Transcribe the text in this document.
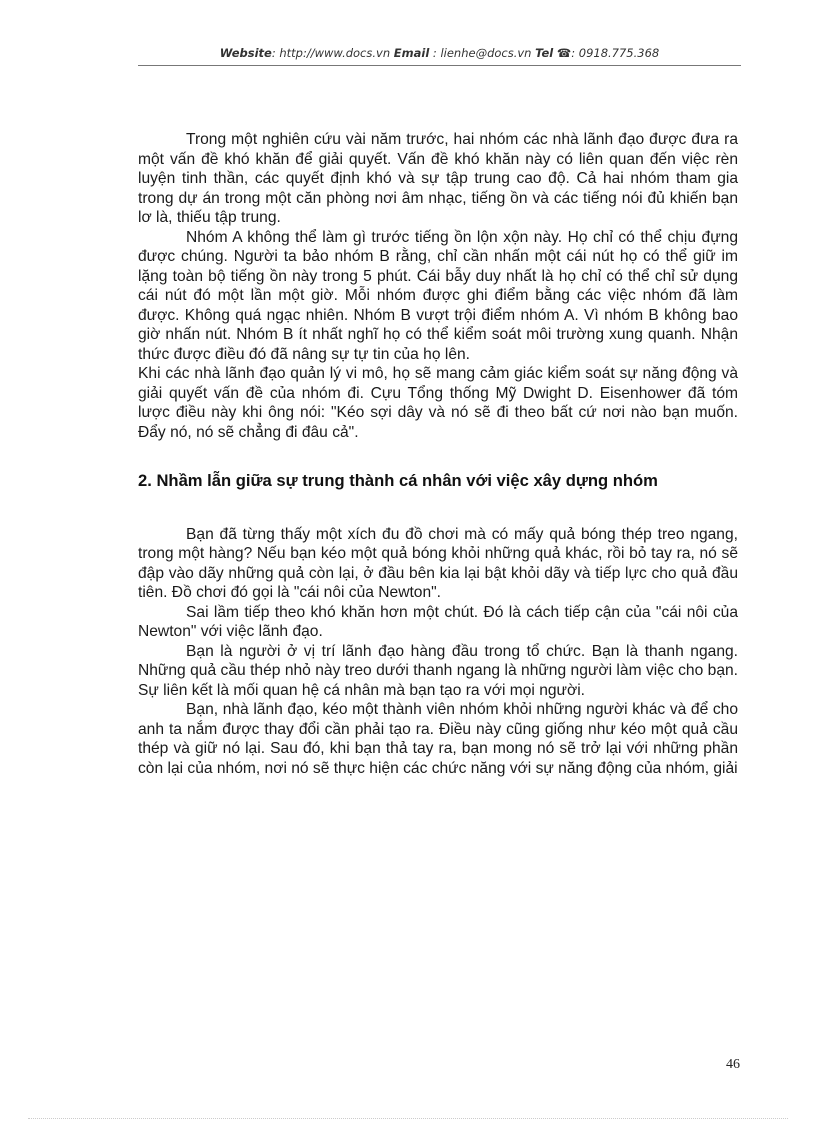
Website: http://www.docs.vn Email : lienhe@docs.vn Tel ☎: 0918.775.368

Trong một nghiên cứu vài năm trước, hai nhóm các nhà lãnh đạo được đưa ra một vấn đề khó khăn để giải quyết. Vấn đề khó khăn này có liên quan đến việc rèn luyện tinh thần, các quyết định khó và sự tập trung cao độ. Cả hai nhóm tham gia trong dự án trong một căn phòng nơi âm nhạc, tiếng ồn và các tiếng nói đủ khiến bạn lơ là, thiếu tập trung.

Nhóm A không thể làm gì trước tiếng ồn lộn xộn này. Họ chỉ có thể chịu đựng được chúng. Người ta bảo nhóm B rằng, chỉ cần nhấn một cái nút họ có thể giữ im lặng toàn bộ tiếng ồn này trong 5 phút. Cái bẫy duy nhất là họ chỉ có thể chỉ sử dụng cái nút đó một lần một giờ. Mỗi nhóm được ghi điểm bằng các việc nhóm đã làm được. Không quá ngạc nhiên. Nhóm B vượt trội điểm nhóm A. Vì nhóm B không bao giờ nhấn nút. Nhóm B ít nhất nghĩ họ có thể kiểm soát môi trường xung quanh. Nhận thức được điều đó đã nâng sự tự tin của họ lên.

Khi các nhà lãnh đạo quản lý vi mô, họ sẽ mang cảm giác kiểm soát sự năng động và giải quyết vấn đề của nhóm đi. Cựu Tổng thống Mỹ Dwight D. Eisenhower đã tóm lược điều này khi ông nói: "Kéo sợi dây và nó sẽ đi theo bất cứ nơi nào bạn muốn. Đẩy nó, nó sẽ chẳng đi đâu cả".

2. Nhầm lẫn giữa sự trung thành cá nhân với việc xây dựng nhóm

Bạn đã từng thấy một xích đu đồ chơi mà có mấy quả bóng thép treo ngang, trong một hàng? Nếu bạn kéo một quả bóng khỏi những quả khác, rồi bỏ tay ra, nó sẽ đập vào dãy những quả còn lại, ở đầu bên kia lại bật khỏi dãy và tiếp lực cho quả đầu tiên. Đồ chơi đó gọi là "cái nôi của Newton".

Sai lầm tiếp theo khó khăn hơn một chút. Đó là cách tiếp cận của "cái nôi của Newton" với việc lãnh đạo.

Bạn là người ở vị trí lãnh đạo hàng đầu trong tổ chức. Bạn là thanh ngang. Những quả cầu thép nhỏ này treo dưới thanh ngang là những người làm việc cho bạn. Sự liên kết là mối quan hệ cá nhân mà bạn tạo ra với mọi người.

Bạn, nhà lãnh đạo, kéo một thành viên nhóm khỏi những người khác và để cho anh ta nắm được thay đổi cần phải tạo ra. Điều này cũng giống như kéo một quả cầu thép và giữ nó lại. Sau đó, khi bạn thả tay ra, bạn mong nó sẽ trở lại với những phần còn lại của nhóm, nơi nó sẽ thực hiện các chức năng với sự năng động của nhóm, giải

46
